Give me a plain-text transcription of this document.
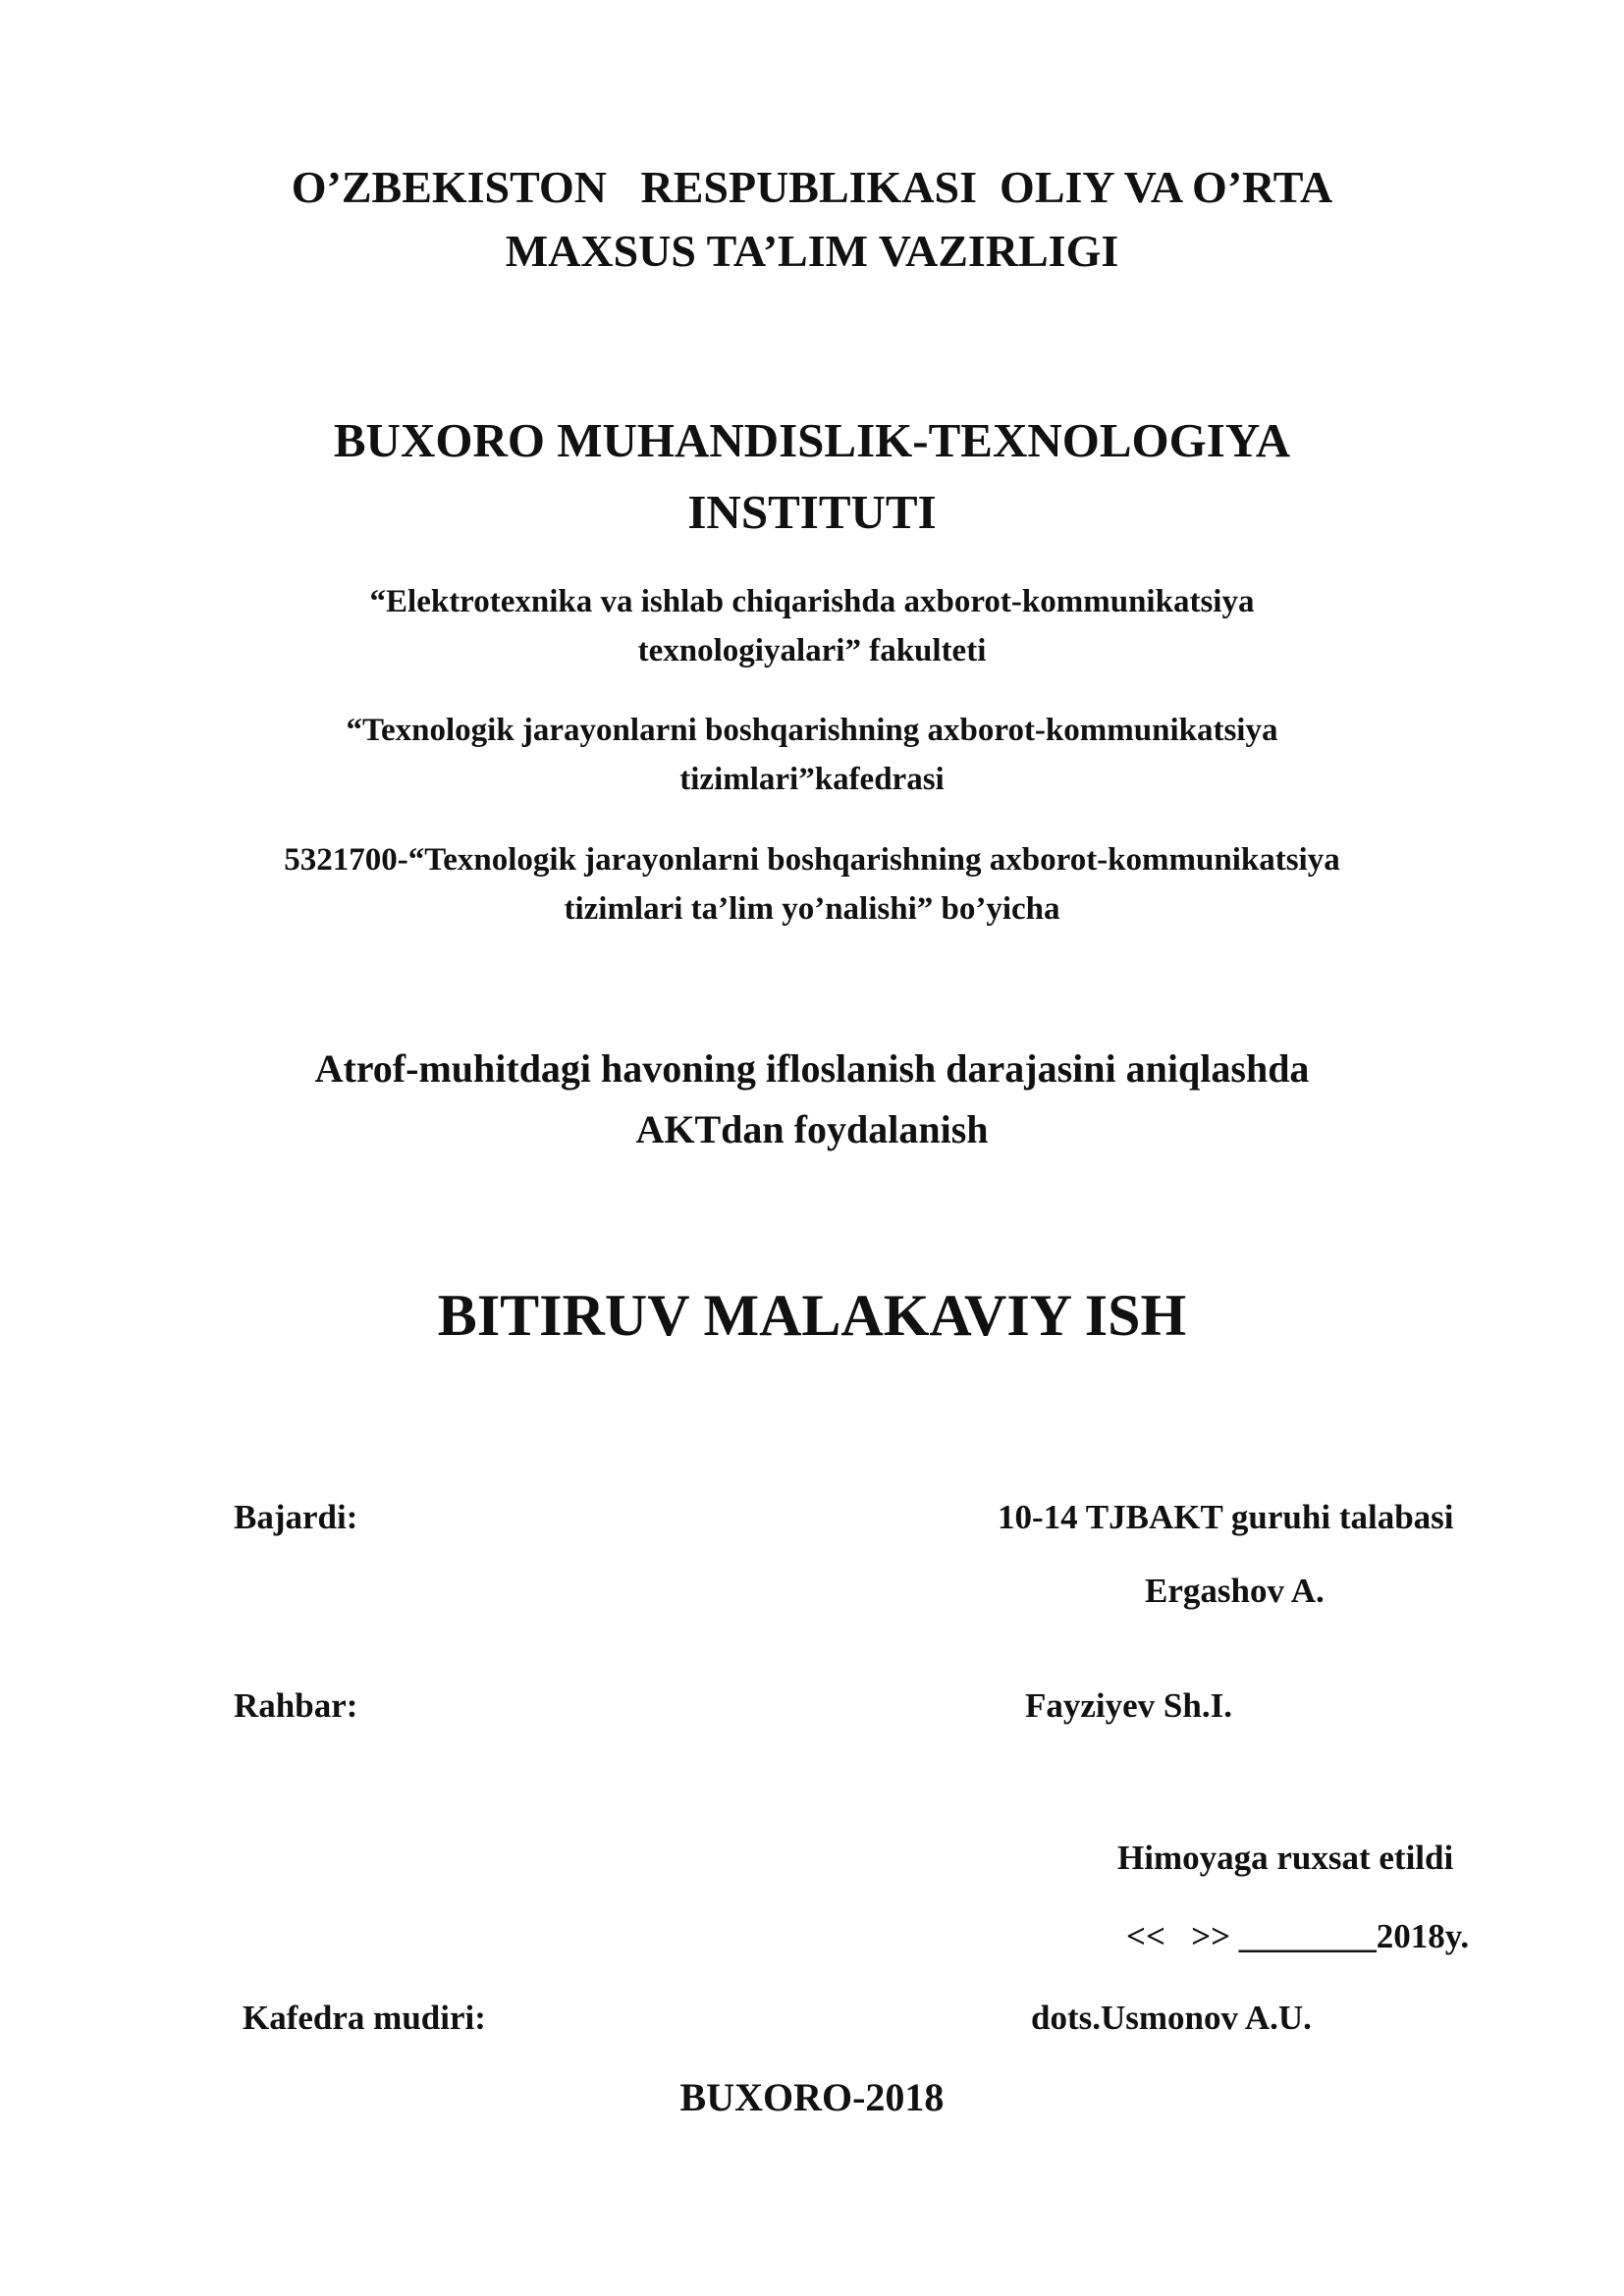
O’ZBEKISTON   RESPUBLIKASI  OLIY VA O’RTA
MAXSUS TA’LIM VAZIRLIGI
BUXORO MUHANDISLIK-TEXNOLOGIYA
INSTITUTI
“Elektrotexnika va ishlab chiqarishda axborot-kommunikatsiya
texnologiyalari” fakulteti
“Texnologik jarayonlarni boshqarishning axborot-kommunikatsiya
tizimlari”kafedrasi
5321700-“Texnologik jarayonlarni boshqarishning axborot-kommunikatsiya
tizimlari ta’lim yo’nalishi” bo’yicha
Atrof-muhitdagi havoning ifloslanish darajasini aniqlashda
AKTdan foydalanish
BITIRUV MALAKAVIY ISH
Bajardi:	10-14 TJBAKT guruhi talabasi
Ergashov A.
Rahbar:	Fayziyev Sh.I.
Himoyaga ruxsat etildi
<<   >> ________2018y.
Kafedra mudiri:	dots.Usmonov A.U.
BUXORO-2018
